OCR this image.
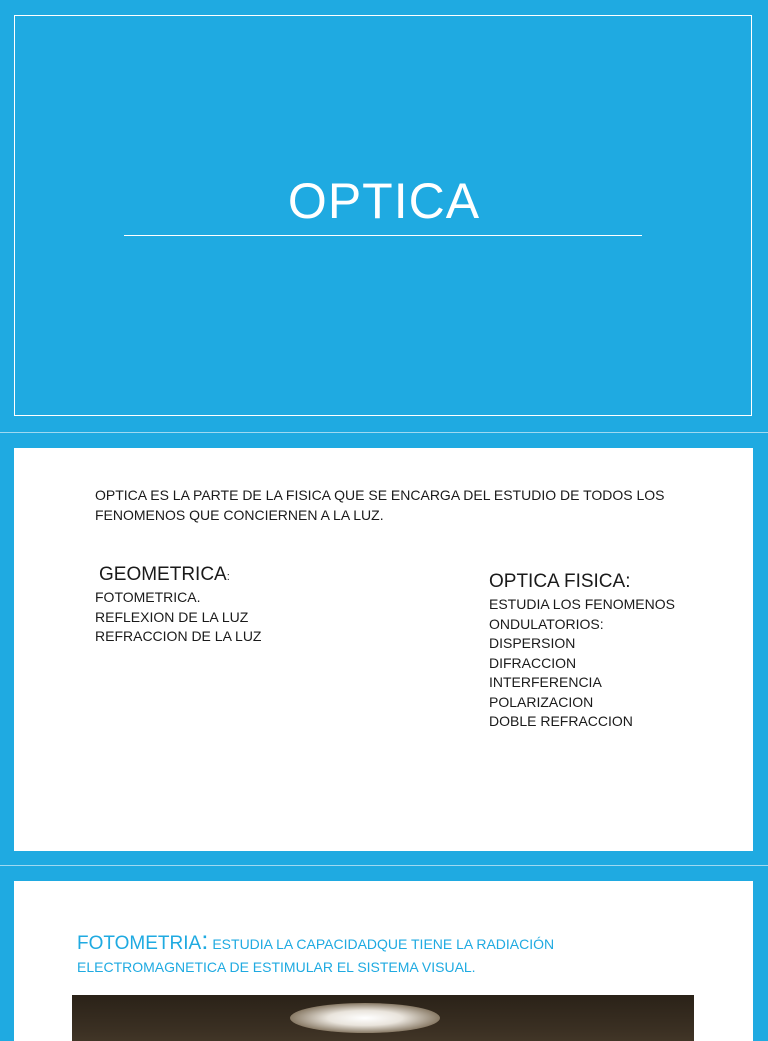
OPTICA
OPTICA ES LA PARTE DE LA FISICA QUE SE ENCARGA DEL ESTUDIO DE TODOS LOS
FENOMENOS QUE CONCIERNEN A LA LUZ.
GEOMETRICA:
FOTOMETRICA.
REFLEXION DE LA LUZ
REFRACCION DE LA LUZ
OPTICA FISICA:
ESTUDIA LOS FENOMENOS
ONDULATORIOS:
DISPERSION
DIFRACCION
INTERFERENCIA
POLARIZACION
DOBLE REFRACCION
FOTOMETRIA: ESTUDIA LA CAPACIDADQUE TIENE LA RADIACIÓN
ELECTROMAGNETICA DE ESTIMULAR EL SISTEMA VISUAL.
